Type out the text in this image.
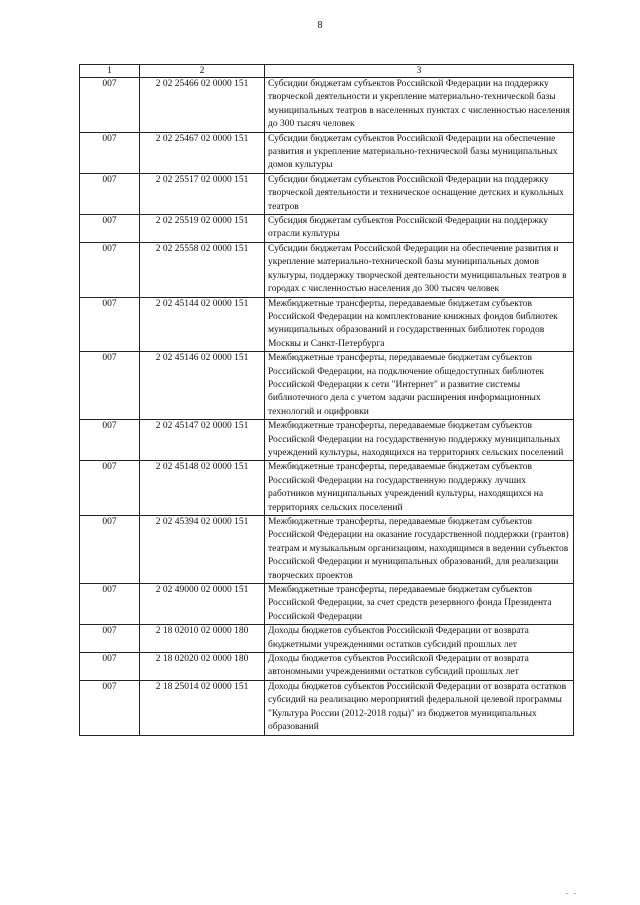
8
1	2	3
007	2 02 25466 02 0000 151	Субсидии бюджетам субъектов Российской Федерации на поддержку творческой деятельности и укрепление материально-технической базы муниципальных театров в населенных пунктах с численностью населения до 300 тысяч человек
007	2 02 25467 02 0000 151	Субсидии бюджетам субъектов Российской Федерации на обеспечение развития и укрепление материально-технической базы муниципальных домов культуры
007	2 02 25517 02 0000 151	Субсидии бюджетам субъектов Российской Федерации на поддержку творческой деятельности и техническое оснащение детских и кукольных театров
007	2 02 25519 02 0000 151	Субсидия бюджетам субъектов Российской Федерации на поддержку отрасли культуры
007	2 02 25558 02 0000 151	Субсидии бюджетам Российской Федерации на обеспечение развития и укрепление материально-технической базы муниципальных домов культуры, поддержку творческой деятельности муниципальных театров в городах с численностью населения до 300 тысяч человек
007	2 02 45144 02 0000 151	Межбюджетные трансферты, передаваемые бюджетам субъектов Российской Федерации на комплектование книжных фондов библиотек муниципальных образований и государственных библиотек городов Москвы и Санкт-Петербурга
007	2 02 45146 02 0000 151	Межбюджетные трансферты, передаваемые бюджетам субъектов Российской Федерации, на подключение общедоступных библиотек Российской Федерации к сети "Интернет" и развитие системы библиотечного дела с учетом задачи расширения информационных технологий и оцифровки
007	2 02 45147 02 0000 151	Межбюджетные трансферты, передаваемые бюджетам субъектов Российской Федерации на государственную поддержку муниципальных учреждений культуры, находящихся на территориях сельских поселений
007	2 02 45148 02 0000 151	Межбюджетные трансферты, передаваемые бюджетам субъектов Российской Федерации на государственную поддержку лучших работников муниципальных учреждений культуры, находящихся на территориях сельских поселений
007	2 02 45394 02 0000 151	Межбюджетные трансферты, передаваемые бюджетам субъектов Российской Федерации на оказание государственной поддержки (грантов) театрам и музыкальным организациям, находящимся в ведении субъектов Российской Федерации и муниципальных образований, для реализации творческих проектов
007	2 02 49000 02 0000 151	Межбюджетные трансферты, передаваемые бюджетам субъектов Российской Федерации, за счет средств резервного фонда Президента Российской Федерации
007	2 18 02010 02 0000 180	Доходы бюджетов субъектов Российской Федерации от возврата бюджетными учреждениями остатков субсидий прошлых лет
007	2 18 02020 02 0000 180	Доходы бюджетов субъектов Российской Федерации от возврата автономными учреждениями остатков субсидий прошлых лет
007	2 18 25014 02 0000 151	Доходы бюджетов субъектов Российской Федерации от возврата остатков субсидий на реализацию мероприятий федеральной целевой программы "Культура России (2012-2018 годы)" из бюджетов муниципальных образований
. .
